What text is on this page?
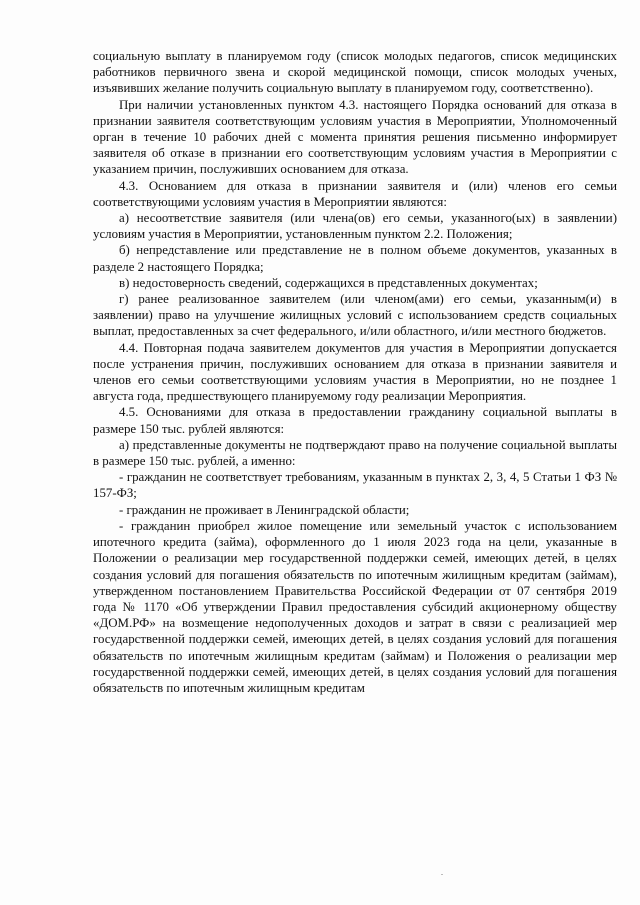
социальную выплату в планируемом году (список молодых педагогов, список медицинских работников первичного звена и скорой медицинской помощи, список молодых ученых, изъявивших желание получить социальную выплату в планируемом году, соответственно).

При наличии установленных пунктом 4.3. настоящего Порядка оснований для отказа в признании заявителя соответствующим условиям участия в Мероприятии, Уполномоченный орган в течение 10 рабочих дней с момента принятия решения письменно информирует заявителя об отказе в признании его соответствующим условиям участия в Мероприятии с указанием причин, послуживших основанием для отказа.

4.3. Основанием для отказа в признании заявителя и (или) членов его семьи соответствующими условиям участия в Мероприятии являются:

а) несоответствие заявителя (или члена(ов) его семьи, указанного(ых) в заявлении) условиям участия в Мероприятии, установленным пунктом 2.2. Положения;

б) непредставление или представление не в полном объеме документов, указанных в разделе 2 настоящего Порядка;

в) недостоверность сведений, содержащихся в представленных документах;

г) ранее реализованное заявителем (или членом(ами) его семьи, указанным(и) в заявлении) право на улучшение жилищных условий с использованием средств социальных выплат, предоставленных за счет федерального, и/или областного, и/или местного бюджетов.

4.4. Повторная подача заявителем документов для участия в Мероприятии допускается после устранения причин, послуживших основанием для отказа в признании заявителя и членов его семьи соответствующими условиям участия в Мероприятии, но не позднее 1 августа года, предшествующего планируемому году реализации Мероприятия.

4.5. Основаниями для отказа в предоставлении гражданину социальной выплаты в размере 150 тыс. рублей являются:

а) представленные документы не подтверждают право на получение социальной выплаты в размере 150 тыс. рублей, а именно:

- гражданин не соответствует требованиям, указанным в пунктах 2, 3, 4, 5 Статьи 1 ФЗ № 157-ФЗ;

- гражданин не проживает в Ленинградской области;

- гражданин приобрел жилое помещение или земельный участок с использованием ипотечного кредита (займа), оформленного до 1 июля 2023 года на цели, указанные в Положении о реализации мер государственной поддержки семей, имеющих детей, в целях создания условий для погашения обязательств по ипотечным жилищным кредитам (займам), утвержденном постановлением Правительства Российской Федерации от 07 сентября 2019 года № 1170 «Об утверждении Правил предоставления субсидий акционерному обществу «ДОМ.РФ» на возмещение недополученных доходов и затрат в связи с реализацией мер государственной поддержки семей, имеющих детей, в целях создания условий для погашения обязательств по ипотечным жилищным кредитам (займам) и Положения о реализации мер государственной поддержки семей, имеющих детей, в целях создания условий для погашения обязательств по ипотечным жилищным кредитам
